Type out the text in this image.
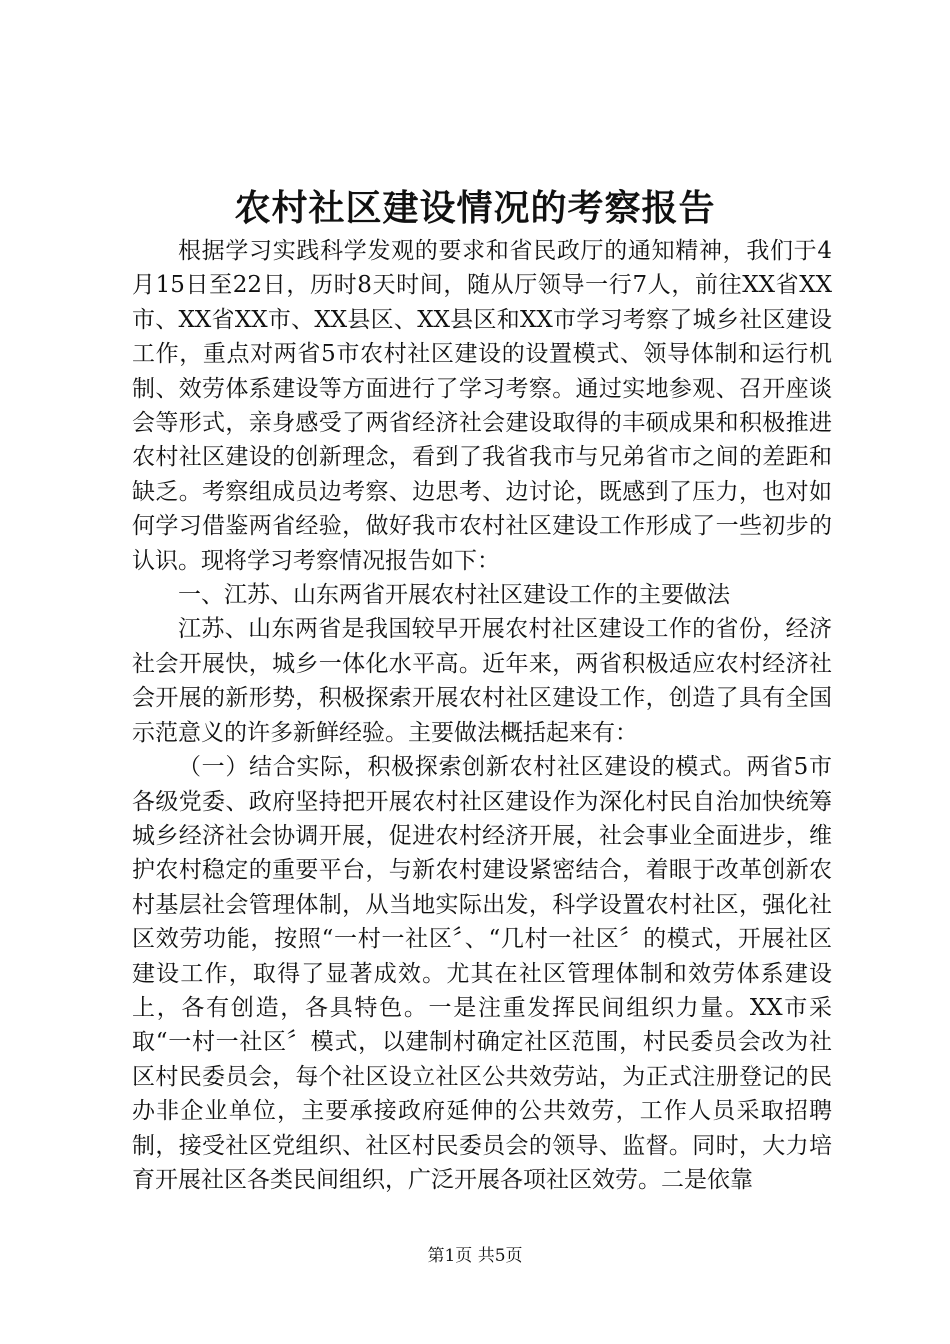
农村社区建设情况的考察报告

根据学习实践科学发观的要求和省民政厅的通知精神，我们于4月15日至22日，历时8天时间，随从厅领导一行7人，前往XX省XX市、XX省XX市、XX县区、XX县区和XX市学习考察了城乡社区建设工作，重点对两省5市农村社区建设的设置模式、领导体制和运行机制、效劳体系建设等方面进行了学习考察。通过实地参观、召开座谈会等形式，亲身感受了两省经济社会建设取得的丰硕成果和积极推进农村社区建设的创新理念，看到了我省我市与兄弟省市之间的差距和缺乏。考察组成员边考察、边思考、边讨论，既感到了压力，也对如何学习借鉴两省经验，做好我市农村社区建设工作形成了一些初步的认识。现将学习考察情况报告如下：

一、江苏、山东两省开展农村社区建设工作的主要做法

江苏、山东两省是我国较早开展农村社区建设工作的省份，经济社会开展快，城乡一体化水平高。近年来，两省积极适应农村经济社会开展的新形势，积极探索开展农村社区建设工作，创造了具有全国示范意义的许多新鲜经验。主要做法概括起来有：

（一）结合实际，积极探索创新农村社区建设的模式。两省5市各级党委、政府坚持把开展农村社区建设作为深化村民自治加快统筹城乡经济社会协调开展，促进农村经济开展，社会事业全面进步，维护农村稳定的重要平台，与新农村建设紧密结合，着眼于改革创新农村基层社会管理体制，从当地实际出发，科学设置农村社区，强化社区效劳功能，按照“一村一社区〞、“几村一社区〞的模式，开展社区建设工作，取得了显著成效。尤其在社区管理体制和效劳体系建设上，各有创造，各具特色。一是注重发挥民间组织力量。XX市采取“一村一社区〞模式，以建制村确定社区范围，村民委员会改为社区村民委员会，每个社区设立社区公共效劳站，为正式注册登记的民办非企业单位，主要承接政府延伸的公共效劳，工作人员采取招聘制，接受社区党组织、社区村民委员会的领导、监督。同时，大力培育开展社区各类民间组织，广泛开展各项社区效劳。二是依靠

第1页 共5页
